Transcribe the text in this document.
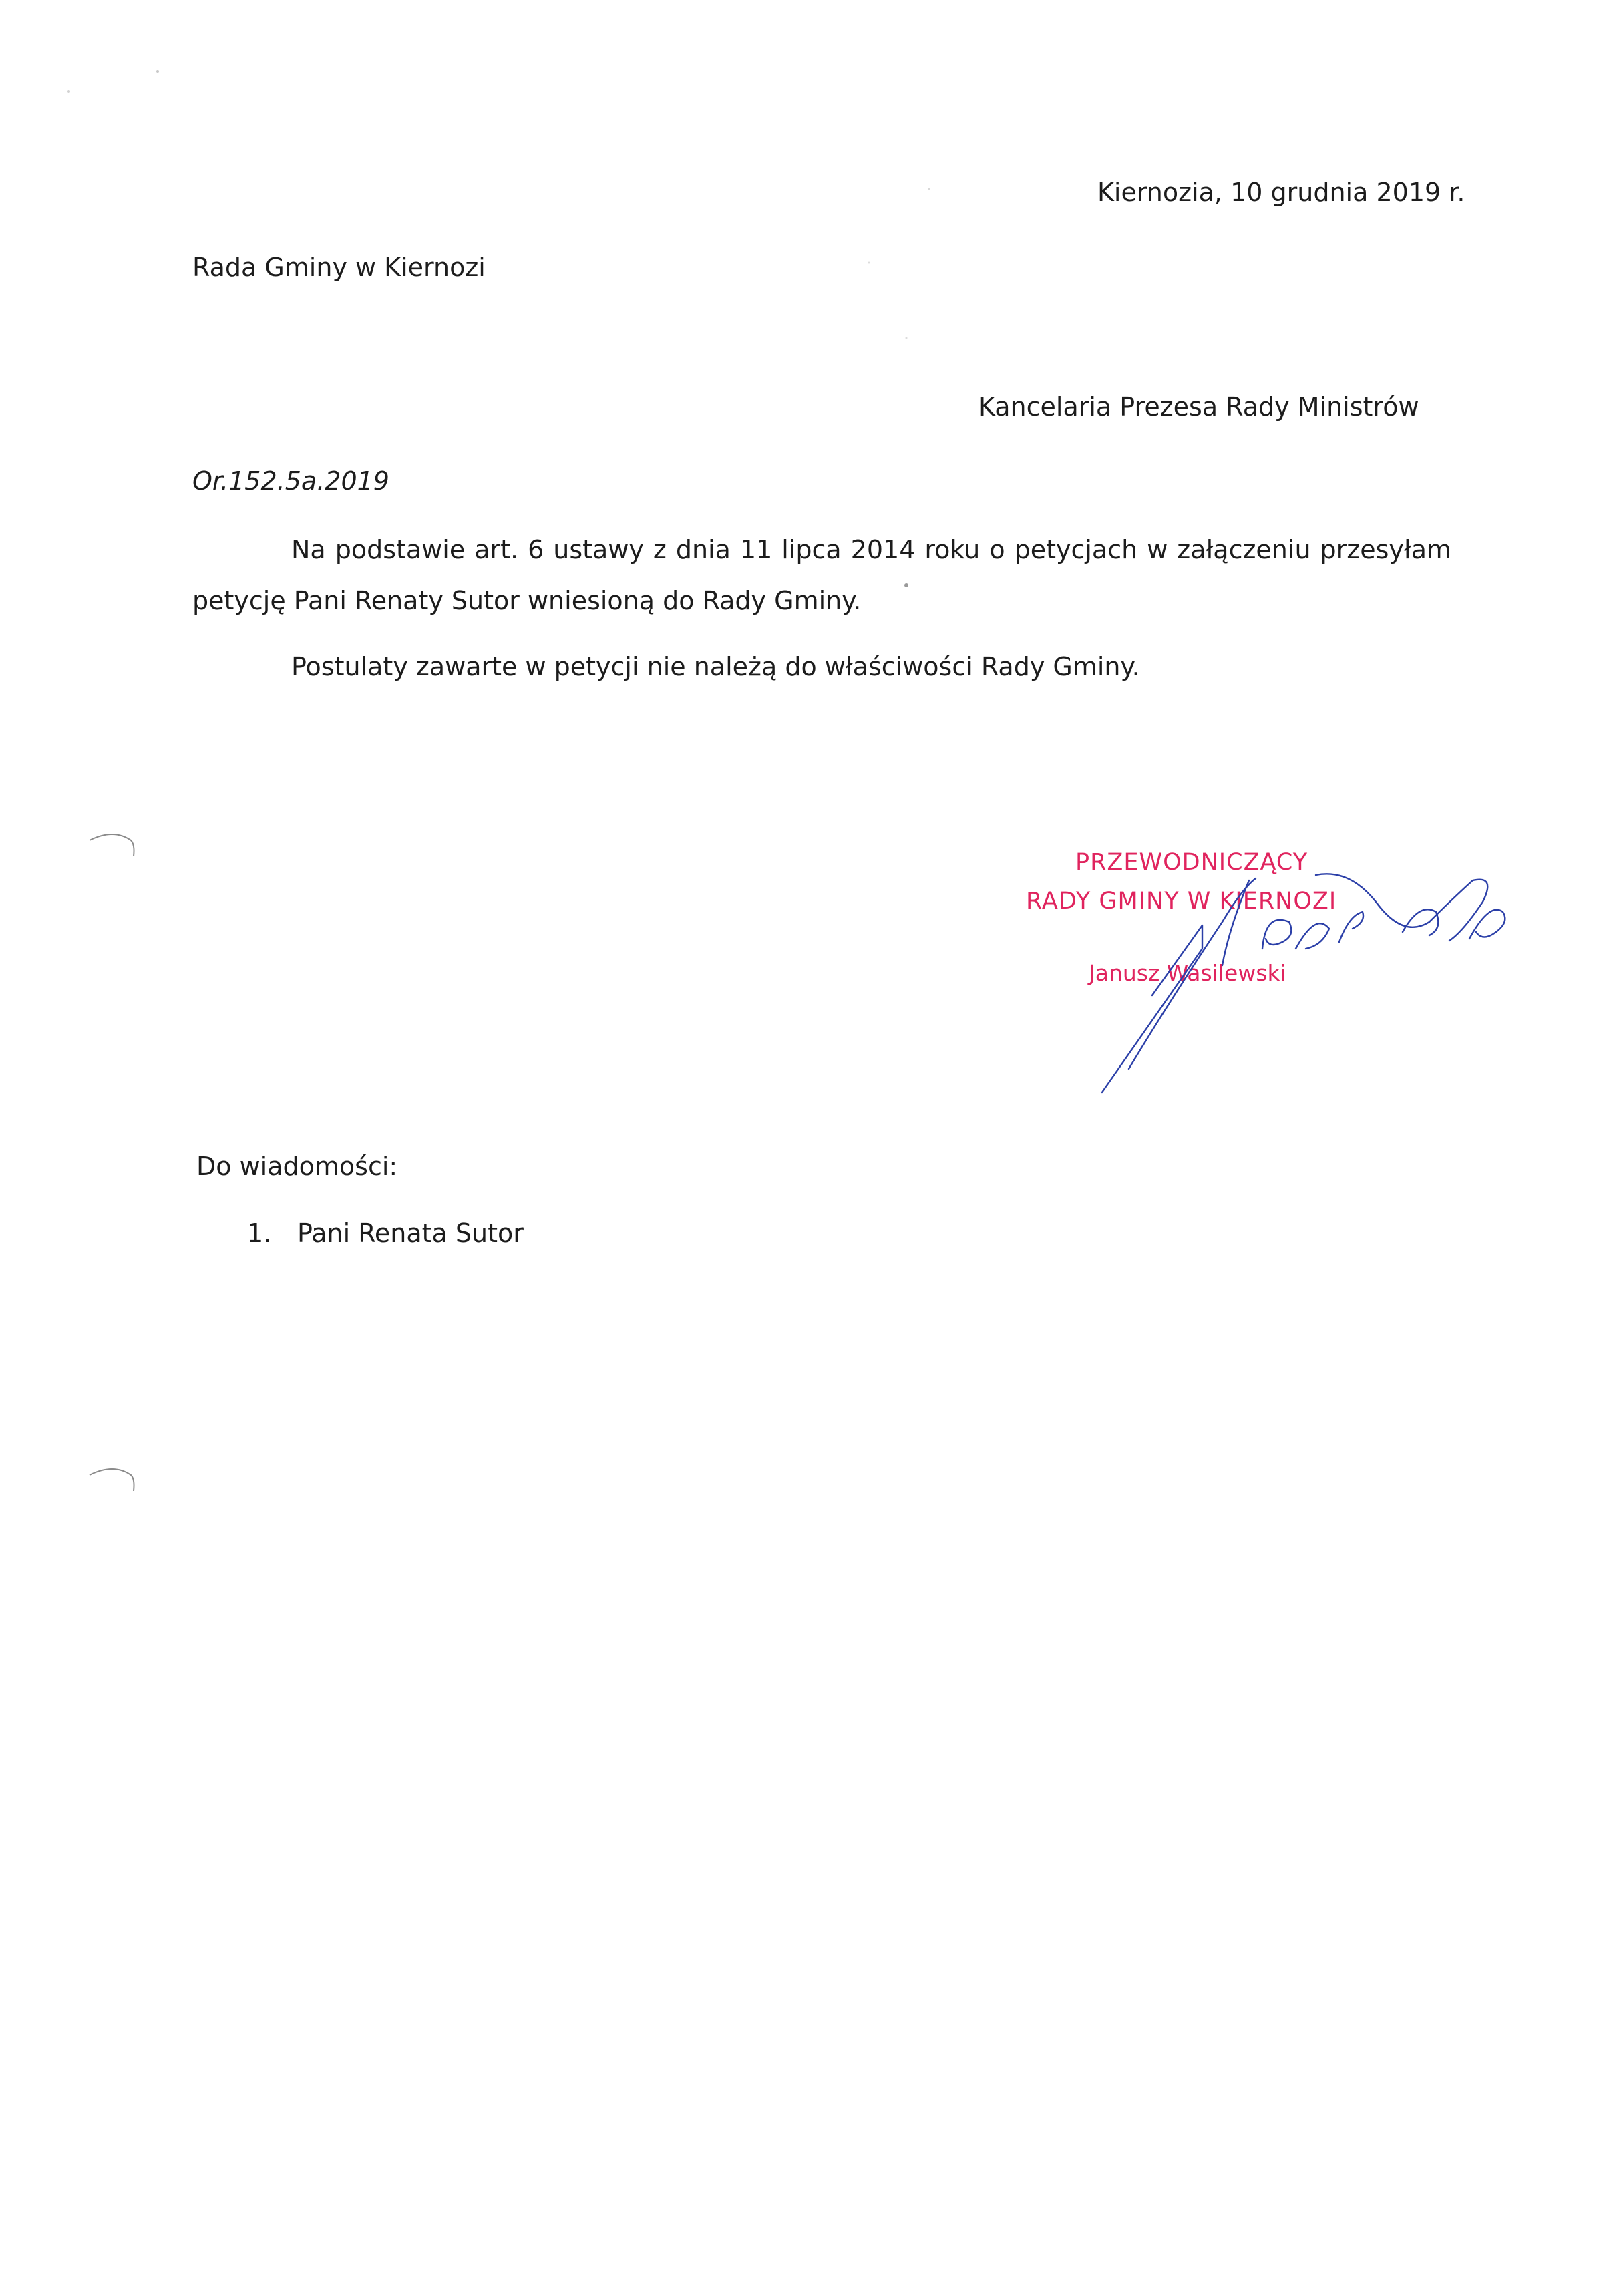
Kiernozia, 10 grudnia 2019 r.
Rada Gminy w Kiernozi
Kancelaria Prezesa Rady Ministrów
Or.152.5a.2019
Na podstawie art. 6 ustawy z dnia 11 lipca 2014 roku o petycjach w załączeniu przesyłam petycję Pani Renaty Sutor wniesioną do Rady Gminy.
Postulaty zawarte w petycji nie należą do właściwości Rady Gminy.
PRZEWODNICZĄCY
RADY GMINY W KIERNOZI
Janusz Wasilewski
Do wiadomości:
1.	Pani Renata Sutor
